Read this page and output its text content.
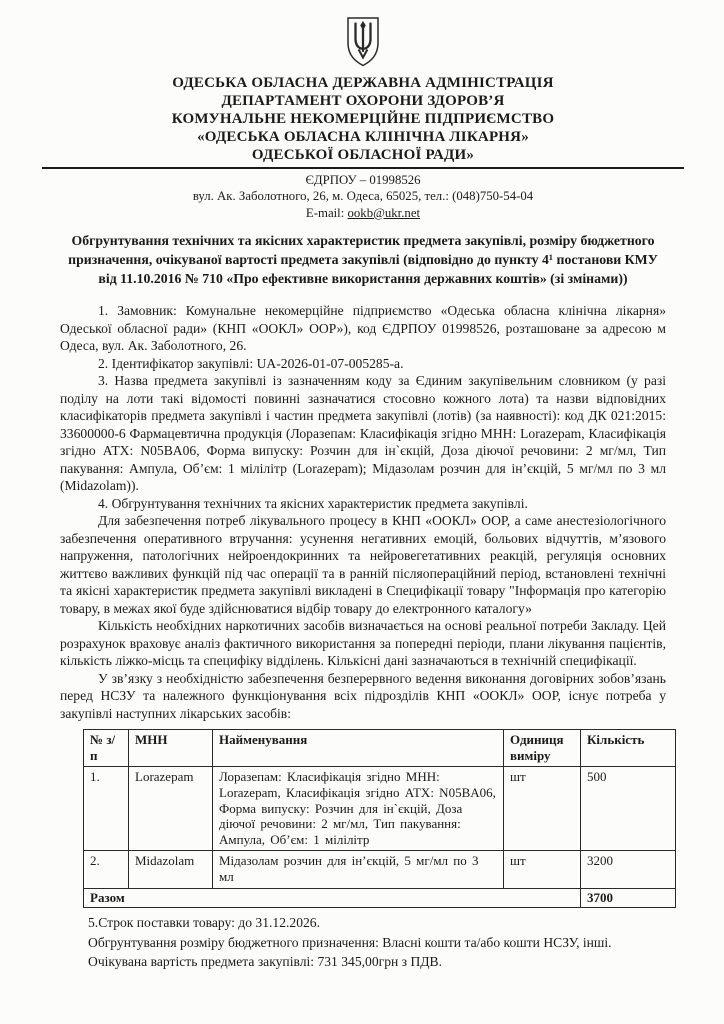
ОДЕСЬКА ОБЛАСНА ДЕРЖАВНА АДМІНІСТРАЦІЯ
ДЕПАРТАМЕНТ ОХОРОНИ ЗДОРОВ’Я
КОМУНАЛЬНЕ НЕКОМЕРЦІЙНЕ ПІДПРИЄМСТВО
«ОДЕСЬКА ОБЛАСНА КЛІНІЧНА ЛІКАРНЯ»
ОДЕСЬКОЇ ОБЛАСНОЇ РАДИ»
ЄДРПОУ – 01998526
вул. Ак. Заболотного, 26, м. Одеса, 65025, тел.: (048)750-54-04
E-mail: ookb@ukr.net
Обгрунтування технічних та якісних характеристик предмета закупівлі, розміру бюджетного призначення, очікуваної вартості предмета закупівлі (відповідно до пункту 4¹ постанови КМУ від 11.10.2016 № 710 «Про ефективне використання державних коштів» (зі змінами))

1. Замовник: Комунальне некомерційне підприємство «Одеська обласна клінічна лікарня» Одеської обласної ради» (КНП «ООКЛ» ООР»), код ЄДРПОУ 01998526, розташоване за адресою м Одеса, вул. Ак. Заболотного, 26.

2. Ідентифікатор закупівлі: UA-2026-01-07-005285-a.

3. Назва предмета закупівлі із зазначенням коду за Єдиним закупівельним словником (у разі поділу на лоти такі відомості повинні зазначатися стосовно кожного лота) та назви відповідних класифікаторів предмета закупівлі і частин предмета закупівлі (лотів) (за наявності): код ДК 021:2015: 33600000-6 Фармацевтична продукція (Лоразепам: Класифікація згідно МНН: Lorazepam, Класифікація згідно АТХ: N05BA06, Форма випуску: Розчин для ін`єкцій, Доза діючої речовини: 2 мг/мл, Тип пакування: Ампула, Об’єм: 1 мілілітр (Lorazepam); Мідазолам розчин для ін’єкцій, 5 мг/мл по 3 мл (Midazolam)).

4. Обгрунтування технічних та якісних характеристик предмета закупівлі.

Для забезпечення потреб лікувального процесу в КНП «ООКЛ» ООР, а саме анестезіологічного забезпечення оперативного втручання: усунення негативних емоцій, больових відчуттів, м’язового напруження, патологічних нейроендокринних та нейровегетативних реакцій, регуляція основних життєво важливих функцій під час операції та в ранній післяопераційний період, встановлені технічні та якісні характеристик предмета закупівлі викладені в Специфікації товару "Інформація про категорію товару, в межах якої буде здійснюватися відбір товару до електронного каталогу»

Кількість необхідних наркотичних засобів визначається на основі реальної потреби Закладу. Цей розрахунок враховує аналіз фактичного використання за попередні періоди, плани лікування пацієнтів, кількість ліжко-місць та специфіку відділень. Кількісні дані зазначаються в технічній специфікації.

У зв’язку з необхідністю забезпечення безперервного ведення виконання договірних зобов’язань перед НСЗУ та належного функціонування всіх підрозділів КНП «ООКЛ» ООР, існує потреба у закупівлі наступних лікарських засобів:

№ з/п	МНН	Найменування	Одиниця виміру	Кількість
1.	Lorazepam	Лоразепам: Класифікація згідно МНН: Lorazepam, Класифікація згідно АТХ: N05BA06, Форма випуску: Розчин для ін`єкцій, Доза діючої речовини: 2 мг/мл, Тип пакування: Ампула, Об’єм: 1 мілілітр	шт	500
2.	Midazolam	Мідазолам розчин для ін’єкцій, 5 мг/мл по 3 мл	шт	3200
Разом				3700
5.Строк поставки товару: до 31.12.2026.
Обгрунтування розміру бюджетного призначення: Власні кошти та/або кошти НСЗУ, інші.
Очікувана вартість предмета закупівлі: 731 345,00грн з ПДВ.
